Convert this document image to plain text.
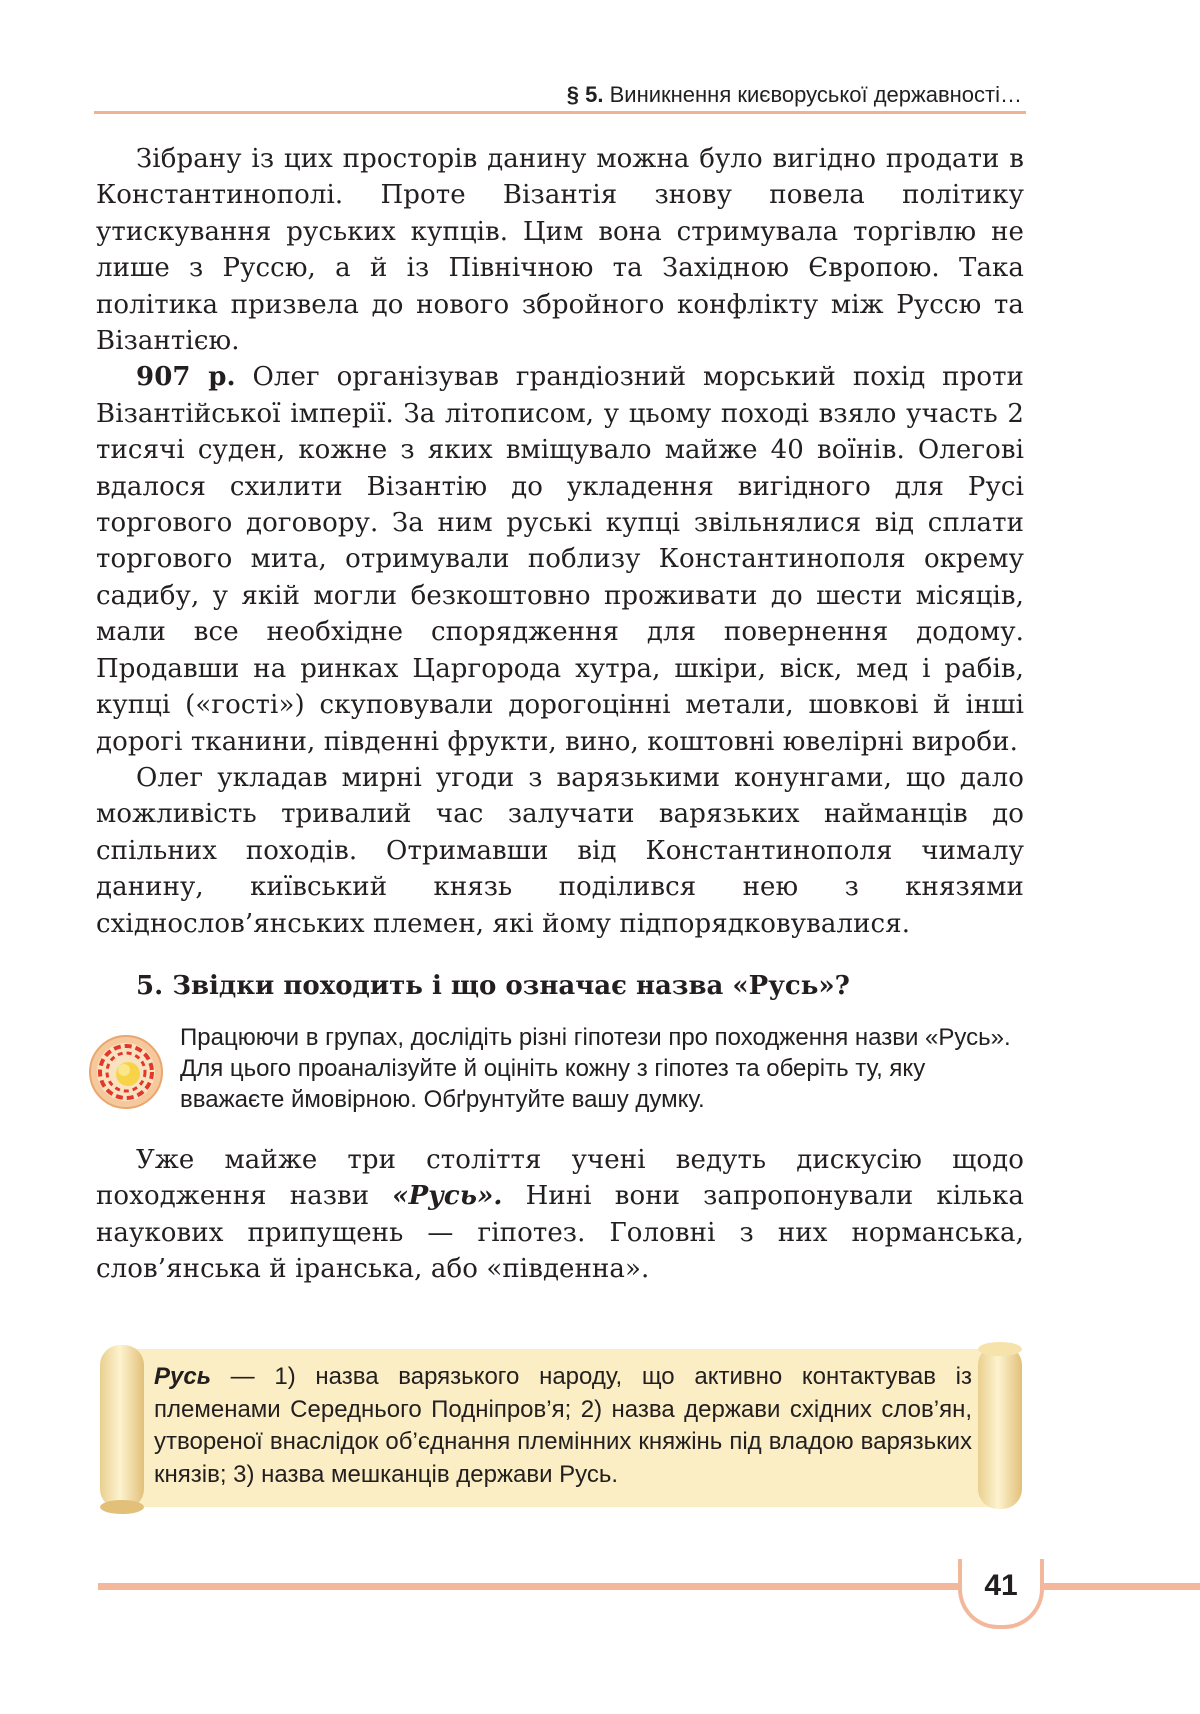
§ 5. Виникнення києворуської державності…

Зібрану із цих просторів данину можна було вигідно продати в Константинополі. Проте Візантія знову повела політику утискування руських купців. Цим вона стримувала торгівлю не лише з Руссю, а й із Північною та Західною Європою. Така політика призвела до нового збройного конфлікту між Руссю та Візантією.

907 р. Олег організував грандіозний морський похід проти Візантійської імперії. За літописом, у цьому поході взяло участь 2 тисячі суден, кожне з яких вміщувало майже 40 воїнів. Олегові вдалося схилити Візантію до укладення вигідного для Русі торгового договору. За ним руські купці звільнялися від сплати торгового мита, отримували поблизу Константинополя окрему садибу, у якій могли безкоштовно проживати до шести місяців, мали все необхідне спорядження для повернення додому. Продавши на ринках Царгорода хутра, шкіри, віск, мед і рабів, купці («гості») скуповували дорогоцінні метали, шовкові й інші дорогі тканини, південні фрукти, вино, коштовні ювелірні вироби.

Олег укладав мирні угоди з варязькими конунгами, що дало можливість тривалий час залучати варязьких найманців до спільних походів. Отримавши від Константинополя чималу данину, київський князь поділився нею з князями східнослов’янських племен, які йому підпорядковувалися.

5. Звідки походить і що означає назва «Русь»?
Працюючи в групах, дослідіть різні гіпотези про походження назви «Русь». Для цього проаналізуйте й оцініть кожну з гіпотез та оберіть ту, яку вважаєте ймовірною. Обґрунтуйте вашу думку.

Уже майже три століття учені ведуть дискусію щодо походження назви «Русь». Нині вони запропонували кілька наукових припущень — гіпотез. Головні з них норманська, слов’янська й іранська, або «південна».

Русь — 1) назва варязького народу, що активно контактував із племенами Середнього Подніпров’я; 2) назва держави східних слов’ян, утвореної внаслідок об’єднання племінних княжінь під владою варязьких князів; 3) назва мешканців держави Русь.
41
